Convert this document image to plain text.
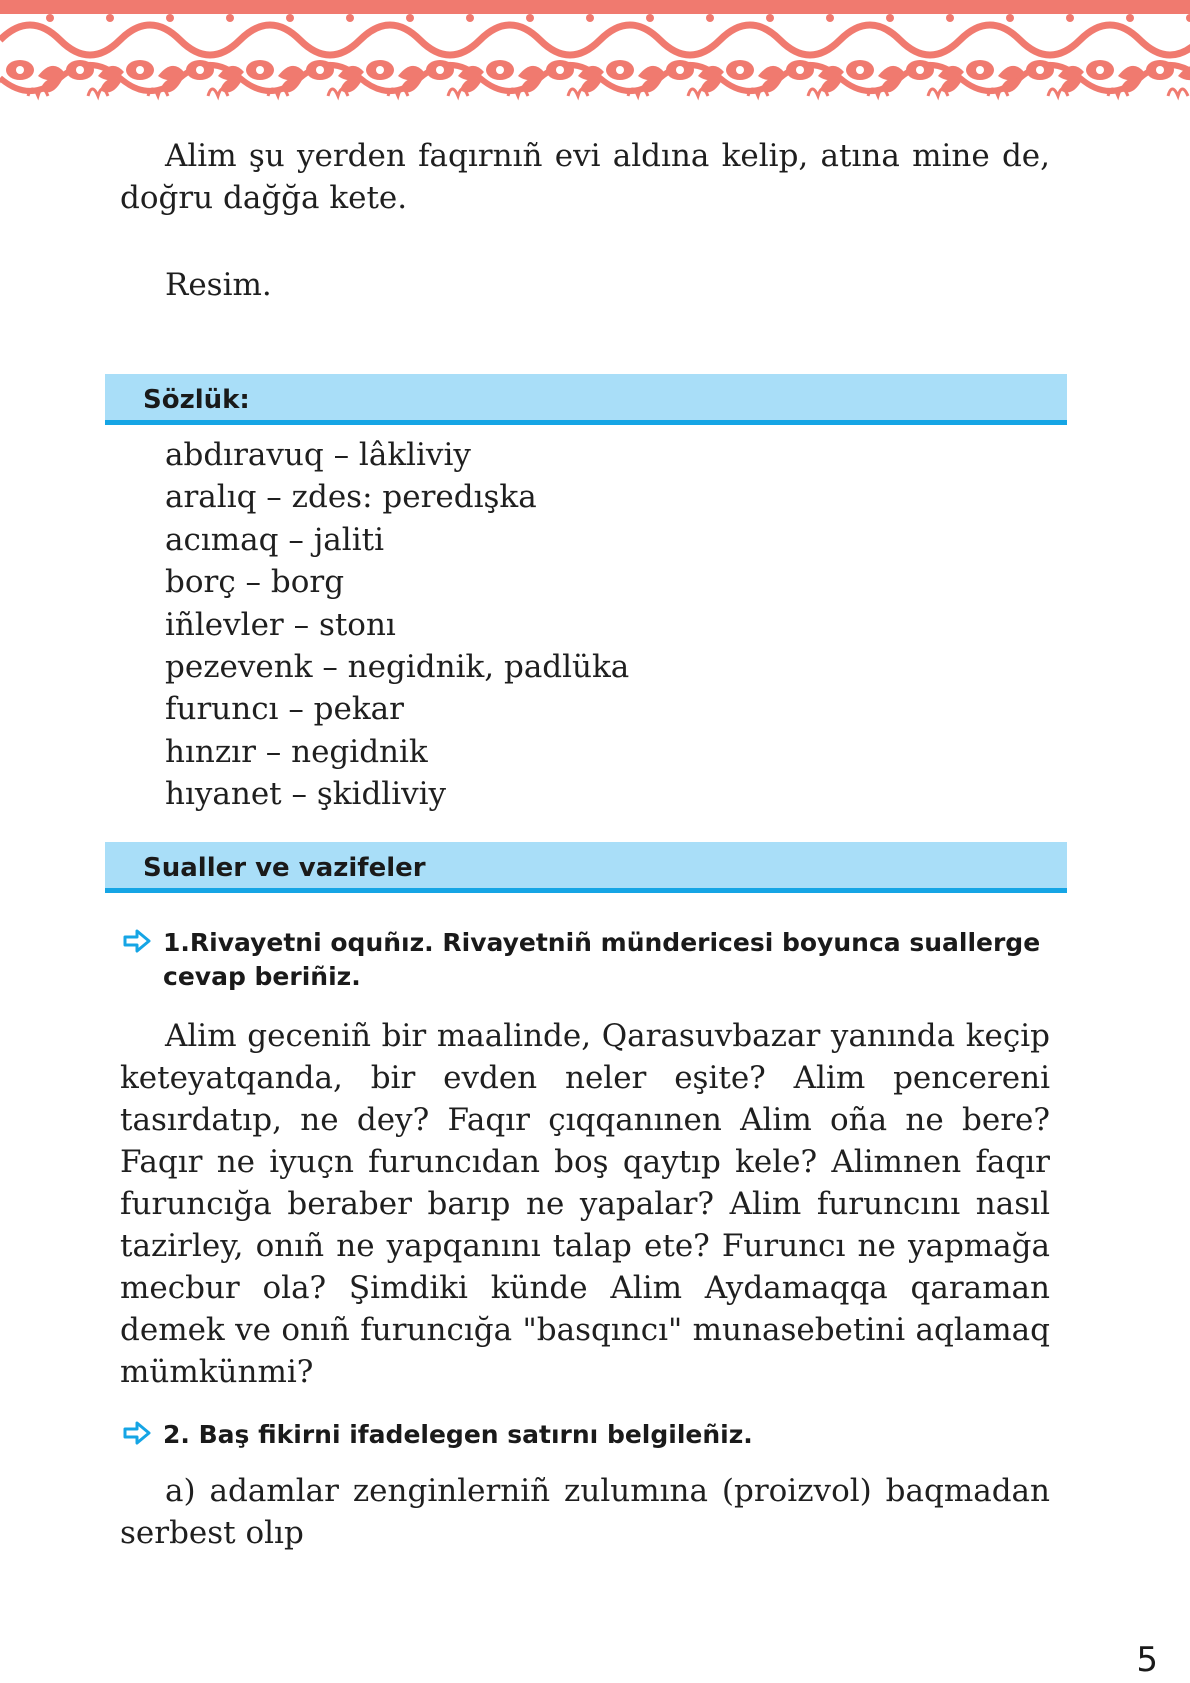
Alim şu yerden faqırnıñ evi aldına kelip, atına mine de, doğru dağğa kete.

Resim.

Sözlük:
abdıravuq – lâkliviy
aralıq – zdes: peredışka
acımaq – jaliti
borç – borg
iñlevler – stonı
pezevenk – negidnik, padlüka
furuncı – pekar
hınzır – negidnik
hıyanet – şkidliviy
Sualler ve vazifeler
1.Rivayetni oquñız. Rivayetniñ mündericesi boyunca suallerge cevap beriñiz.

Alim geceniñ bir maalinde, Qarasuvbazar yanında keçip keteyatqanda, bir evden neler eşite? Alim pencereni tasırdatıp, ne dey? Faqır çıqqanınen Alim oña ne bere? Faqır ne iyuçn furuncıdan boş qaytıp kele? Alimnen faqır furuncığa beraber barıp ne yapalar? Alim furuncını nasıl tazirley, onıñ ne yapqanını talap ete? Furuncı ne yapmağa mecbur ola? Şimdiki künde Alim Aydamaqqa qaraman demek ve onıñ furuncığa "basqıncı" munasebetini aqlamaq mümkünmi?

2. Baş fikirni ifadelegen satırnı belgileñiz.

a) adamlar zenginlerniñ zulumına (proizvol) baqmadan serbest olıp

5
